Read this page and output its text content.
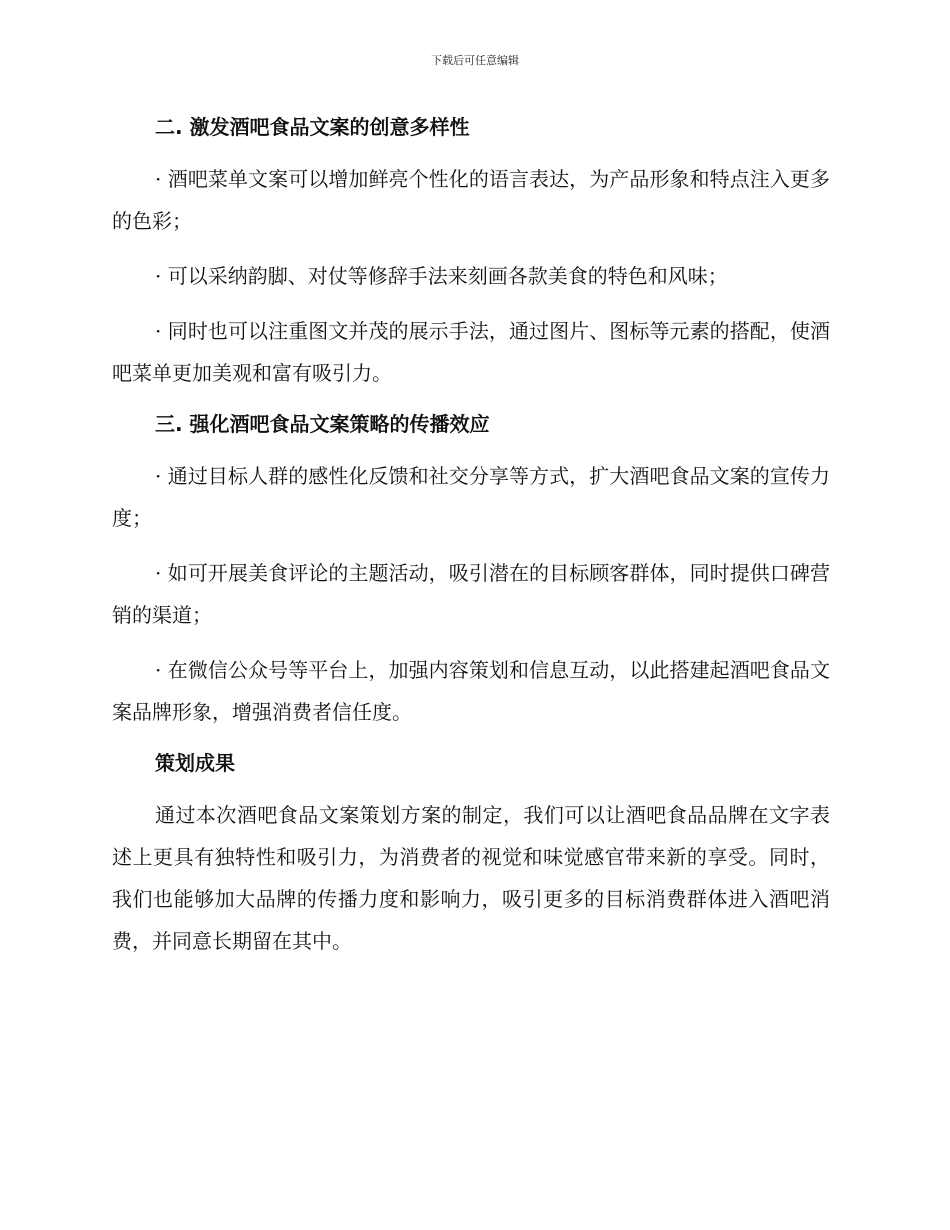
下载后可任意编辑
二. 激发酒吧食品文案的创意多样性

· 酒吧菜单文案可以增加鲜亮个性化的语言表达，为产品形象和特点注入更多的色彩；

· 可以采纳韵脚、对仗等修辞手法来刻画各款美食的特色和风味；

· 同时也可以注重图文并茂的展示手法，通过图片、图标等元素的搭配，使酒吧菜单更加美观和富有吸引力。

三. 强化酒吧食品文案策略的传播效应

· 通过目标人群的感性化反馈和社交分享等方式，扩大酒吧食品文案的宣传力度；

· 如可开展美食评论的主题活动，吸引潜在的目标顾客群体，同时提供口碑营销的渠道；

· 在微信公众号等平台上，加强内容策划和信息互动，以此搭建起酒吧食品文案品牌形象，增强消费者信任度。

策划成果

通过本次酒吧食品文案策划方案的制定，我们可以让酒吧食品品牌在文字表述上更具有独特性和吸引力，为消费者的视觉和味觉感官带来新的享受。同时，我们也能够加大品牌的传播力度和影响力，吸引更多的目标消费群体进入酒吧消费，并同意长期留在其中。
